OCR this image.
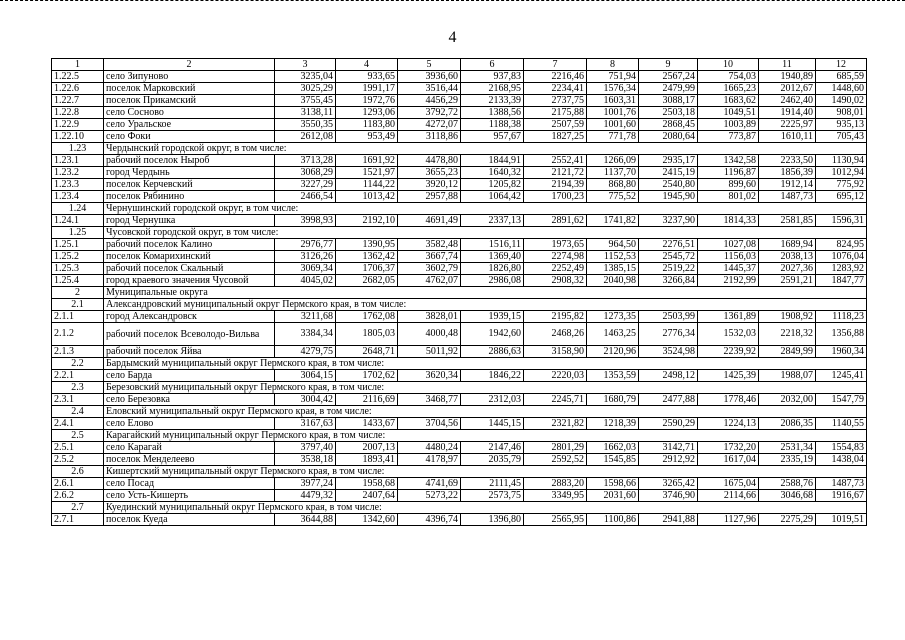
4
1	2	3	4	5	6	7	8	9	10	11	12
1.22.5	село Зипуново	3235,04	933,65	3936,60	937,83	2216,46	751,94	2567,24	754,03	1940,89	685,59
1.22.6	поселок Марковский	3025,29	1991,17	3516,44	2168,95	2234,41	1576,34	2479,99	1665,23	2012,67	1448,60
1.22.7	поселок Прикамский	3755,45	1972,76	4456,29	2133,39	2737,75	1603,31	3088,17	1683,62	2462,40	1490,02
1.22.8	село Сосново	3138,11	1293,06	3792,72	1388,56	2175,88	1001,76	2503,18	1049,51	1914,40	908,01
1.22.9	село Уральское	3550,35	1183,80	4272,07	1188,38	2507,59	1001,60	2868,45	1003,89	2225,97	935,13
1.22.10	село Фоки	2612,08	953,49	3118,86	957,67	1827,25	771,78	2080,64	773,87	1610,11	705,43
1.23	Чердынский городской округ, в том числе:										
1.23.1	рабочий поселок Ныроб	3713,28	1691,92	4478,80	1844,91	2552,41	1266,09	2935,17	1342,58	2233,50	1130,94
1.23.2	город Чердынь	3068,29	1521,97	3655,23	1640,32	2121,72	1137,70	2415,19	1196,87	1856,39	1012,94
1.23.3	поселок Керчевский	3227,29	1144,22	3920,12	1205,82	2194,39	868,80	2540,80	899,60	1912,14	775,92
1.23.4	поселок Рябинино	2466,54	1013,42	2957,88	1064,42	1700,23	775,52	1945,90	801,02	1487,73	695,12
1.24	Чернушинский городской округ, в том числе:										
1.24.1	город Чернушка	3998,93	2192,10	4691,49	2337,13	2891,62	1741,82	3237,90	1814,33	2581,85	1596,31
1.25	Чусовской городской округ, в том числе:										
1.25.1	рабочий поселок Калино	2976,77	1390,95	3582,48	1516,11	1973,65	964,50	2276,51	1027,08	1689,94	824,95
1.25.2	поселок Комарихинский	3126,26	1362,42	3667,74	1369,40	2274,98	1152,53	2545,72	1156,03	2038,13	1076,04
1.25.3	рабочий поселок Скальный	3069,34	1706,37	3602,79	1826,80	2252,49	1385,15	2519,22	1445,37	2027,36	1283,92
1.25.4	город краевого значения Чусовой	4045,02	2682,05	4762,07	2986,08	2908,32	2040,98	3266,84	2192,99	2591,21	1847,77
2	Муниципальные округа										
2.1	Александровский муниципальный округ Пермского края, в том числе:										
2.1.1	город Александровск	3211,68	1762,08	3828,01	1939,15	2195,82	1273,35	2503,99	1361,89	1908,92	1118,23
2.1.2	рабочий поселок Всеволодо-Вильва	3384,34	1805,03	4000,48	1942,60	2468,26	1463,25	2776,34	1532,03	2218,32	1356,88
2.1.3	рабочий поселок Яйва	4279,75	2648,71	5011,92	2886,63	3158,90	2120,96	3524,98	2239,92	2849,99	1960,34
2.2	Бардымский муниципальный округ Пермского края, в том числе:										
2.2.1	село Барда	3064,15	1702,62	3620,34	1846,22	2220,03	1353,59	2498,12	1425,39	1988,07	1245,41
2.3	Березовский муниципальный округ Пермского края, в том числе:										
2.3.1	село Березовка	3004,42	2116,69	3468,77	2312,03	2245,71	1680,79	2477,88	1778,46	2032,00	1547,79
2.4	Еловский муниципальный округ Пермского края, в том числе:										
2.4.1	село Елово	3167,63	1433,67	3704,56	1445,15	2321,82	1218,39	2590,29	1224,13	2086,35	1140,55
2.5	Карагайский муниципальный округ Пермского края, в том числе:										
2.5.1	село Карагай	3797,40	2007,13	4480,24	2147,46	2801,29	1662,03	3142,71	1732,20	2531,34	1554,83
2.5.2	поселок Менделеево	3538,18	1893,41	4178,97	2035,79	2592,52	1545,85	2912,92	1617,04	2335,19	1438,04
2.6	Кишертский муниципальный округ Пермского края, в том числе:										
2.6.1	село Посад	3977,24	1958,68	4741,69	2111,45	2883,20	1598,66	3265,42	1675,04	2588,76	1487,73
2.6.2	село Усть-Кишерть	4479,32	2407,64	5273,22	2573,75	3349,95	2031,60	3746,90	2114,66	3046,68	1916,67
2.7	Куединский муниципальный округ Пермского края, в том числе:										
2.7.1	поселок Куеда	3644,88	1342,60	4396,74	1396,80	2565,95	1100,86	2941,88	1127,96	2275,29	1019,51
